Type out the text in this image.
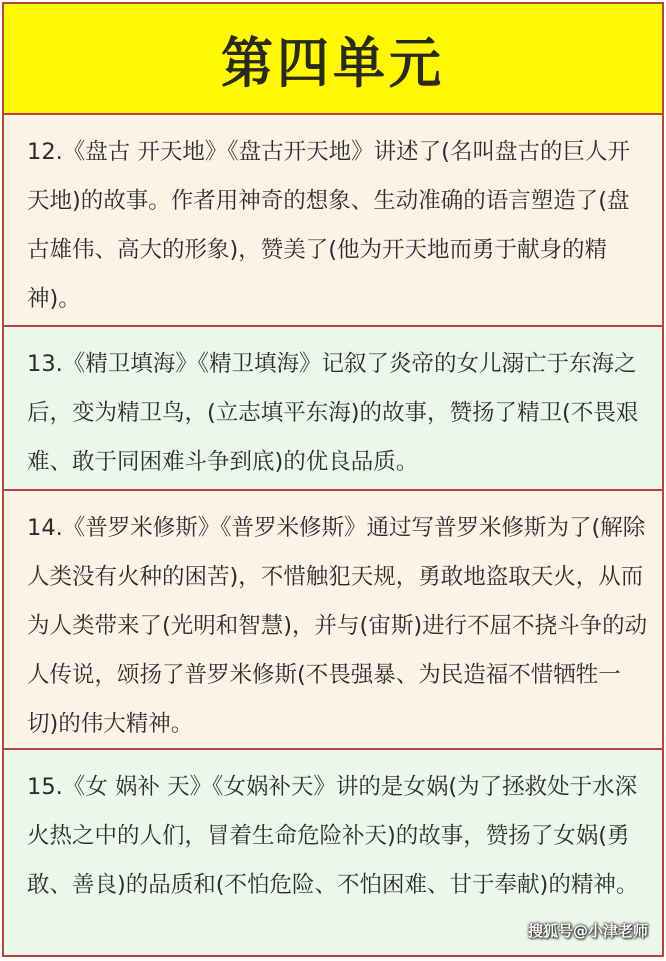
第四单元

12.《盘古 开天地》《盘古开天地》讲述了(名叫盘古的巨人开天地)的故事。作者用神奇的想象、生动准确的语言塑造了(盘古雄伟、高大的形象)，赞美了(他为开天地而勇于献身的精神)。

13.《精卫填海》《精卫填海》记叙了炎帝的女儿溺亡于东海之后，变为精卫鸟，(立志填平东海)的故事，赞扬了精卫(不畏艰难、敢于同困难斗争到底)的优良品质。

14.《普罗米修斯》《普罗米修斯》通过写普罗米修斯为了(解除人类没有火种的困苦)，不惜触犯天规，勇敢地盗取天火，从而为人类带来了(光明和智慧)，并与(宙斯)进行不屈不挠斗争的动人传说，颂扬了普罗米修斯(不畏强暴、为民造福不惜牺牲一切)的伟大精神。

15.《女 娲补 天》《女娲补天》讲的是女娲(为了拯救处于水深火热之中的人们，冒着生命危险补天)的故事，赞扬了女娲(勇敢、善良)的品质和(不怕危险、不怕困难、甘于奉献)的精神。

搜狐号@小津老师
